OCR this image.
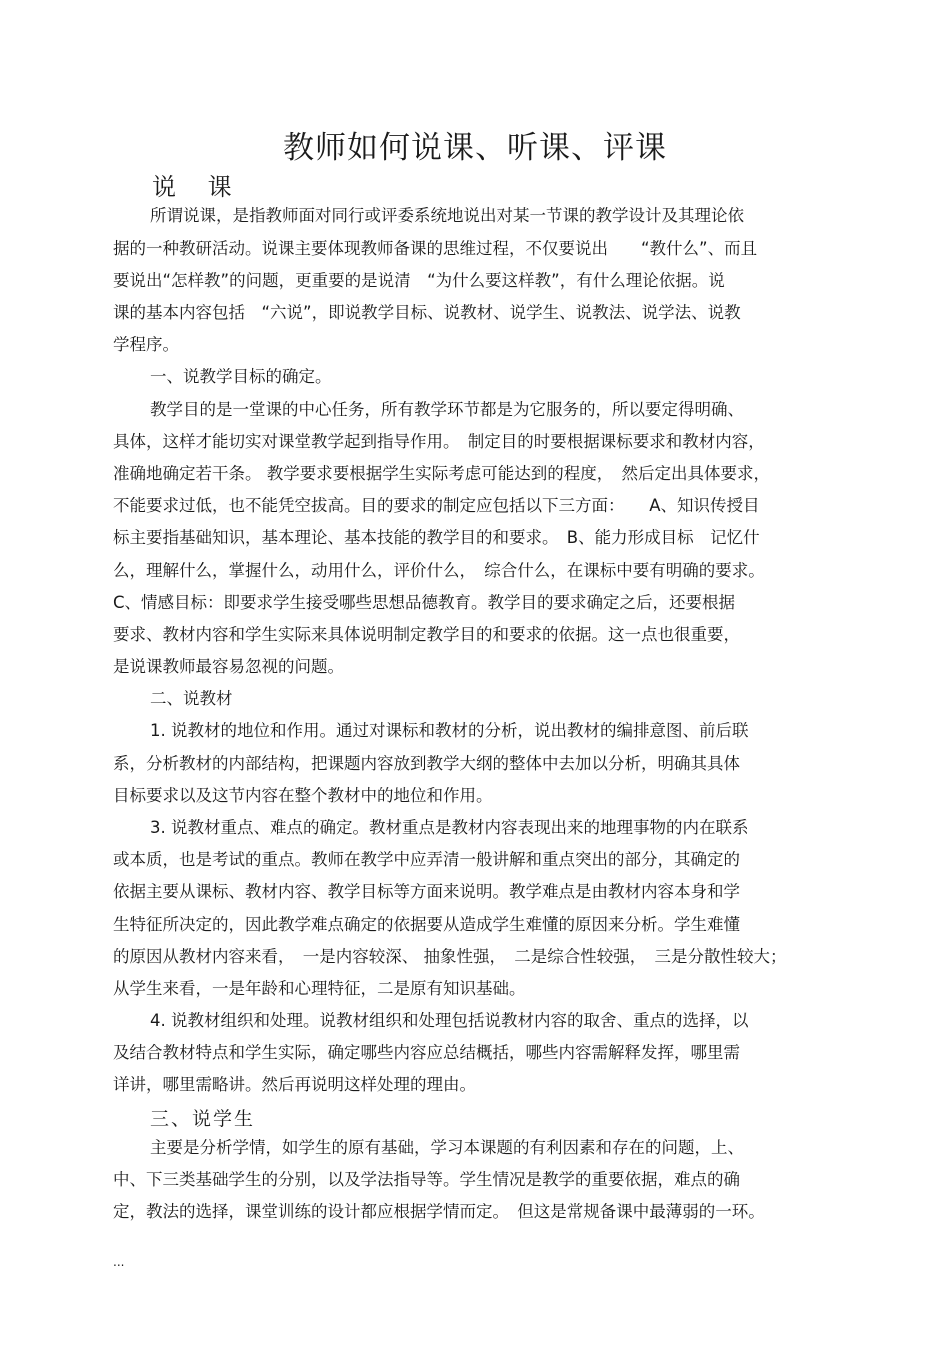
教师如何说课、听课、评课
说 课
所谓说课，是指教师面对同行或评委系统地说出对某一节课的教学设计及其理论依
据的一种教研活动。说课主要体现教师备课的思维过程，不仅要说出　　“教什么”、而且
要说出“怎样教”的问题，更重要的是说清　“为什么要这样教”，有什么理论依据。说
课的基本内容包括　“六说”，即说教学目标、说教材、说学生、说教法、说学法、说教
学程序。
一、说教学目标的确定。
教学目的是一堂课的中心任务，所有教学环节都是为它服务的，所以要定得明确、
具体，这样才能切实对课堂教学起到指导作用。　制定目的时要根据课标要求和教材内容，
准确地确定若干条。 教学要求要根据学生实际考虑可能达到的程度，　然后定出具体要求，
不能要求过低，也不能凭空拔高。目的要求的制定应包括以下三方面：　　A、知识传授目
标主要指基础知识，基本理论、基本技能的教学目的和要求。　B、能力形成目标　记忆什
么，理解什么，掌握什么，动用什么，评价什么，　综合什么，在课标中要有明确的要求。
C、情感目标：即要求学生接受哪些思想品德教育。教学目的要求确定之后，还要根据
要求、教材内容和学生实际来具体说明制定教学目的和要求的依据。这一点也很重要，
是说课教师最容易忽视的问题。
二、说教材
1. 说教材的地位和作用。通过对课标和教材的分析，说出教材的编排意图、前后联
系，分析教材的内部结构，把课题内容放到教学大纲的整体中去加以分析，明确其具体
目标要求以及这节内容在整个教材中的地位和作用。
3. 说教材重点、难点的确定。教材重点是教材内容表现出来的地理事物的内在联系
或本质，也是考试的重点。教师在教学中应弄清一般讲解和重点突出的部分，其确定的
依据主要从课标、教材内容、教学目标等方面来说明。教学难点是由教材内容本身和学
生特征所决定的，因此教学难点确定的依据要从造成学生难懂的原因来分析。学生难懂
的原因从教材内容来看，　一是内容较深、 抽象性强，　二是综合性较强，　三是分散性较大；
从学生来看，一是年龄和心理特征，二是原有知识基础。
4. 说教材组织和处理。说教材组织和处理包括说教材内容的取舍、重点的选择，以
及结合教材特点和学生实际，确定哪些内容应总结概括，哪些内容需解释发挥，哪里需
详讲，哪里需略讲。然后再说明这样处理的理由。
三、说学生
主要是分析学情，如学生的原有基础，学习本课题的有利因素和存在的问题，上、
中、下三类基础学生的分别，以及学法指导等。学生情况是教学的重要依据，难点的确
定，教法的选择，课堂训练的设计都应根据学情而定。　但这是常规备课中最薄弱的一环。
...
